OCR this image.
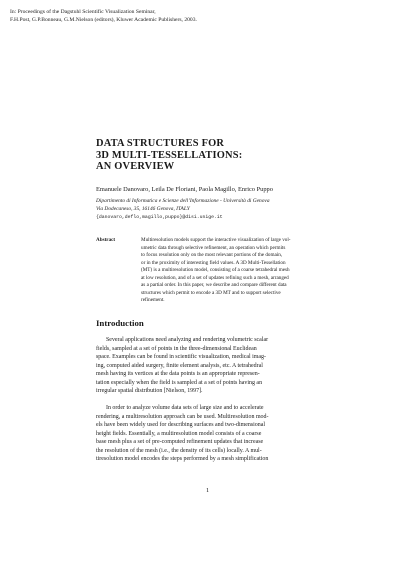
In: Proceedings of the Dagstuhl Scientific Visualization Seminar,
F.H.Post, G.P.Bonneau, G.M.Nielson (editors), Kluwer Academic Publishers, 2003.
DATA STRUCTURES FOR
3D MULTI-TESSELLATIONS:
AN OVERVIEW
Emanuele Danovaro, Leila De Floriani, Paola Magillo, Enrico Puppo
Dipartimento di Informatica e Scienze dell’Informazione - Università di Genova
Via Dodecaneso, 35, 16146 Genova, ITALY
{danovaro,deflo,magillo,puppo}@disi.unige.it
Abstract	Multiresolution models support the interactive visualization of large vol-
umetric data through selective refinement, an operation which permits
to focus resolution only on the most relevant portions of the domain,
or in the proximity of interesting field values. A 3D Multi-Tessellation
(MT) is a multiresolution model, consisting of a coarse tetrahedral mesh
at low resolution, and of a set of updates refining such a mesh, arranged
as a partial order. In this paper, we describe and compare different data
structures which permit to encode a 3D MT and to support selective
refinement.
Introduction
Several applications need analyzing and rendering volumetric scalar
fields, sampled at a set of points in the three-dimensional Euclidean
space. Examples can be found in scientific visualization, medical imag-
ing, computed aided surgery, finite element analysis, etc. A tetrahedral
mesh having its vertices at the data points is an appropriate represen-
tation especially when the field is sampled at a set of points having an
irregular spatial distribution [Nielson, 1997].
In order to analyze volume data sets of large size and to accelerate
rendering, a multiresolution approach can be used. Multiresolution mod-
els have been widely used for describing surfaces and two-dimensional
height fields. Essentially, a multiresolution model consists of a coarse
base mesh plus a set of pre-computed refinement updates that increase
the resolution of the mesh (i.e., the density of its cells) locally. A mul-
tiresolution model encodes the steps performed by a mesh simplification
1
